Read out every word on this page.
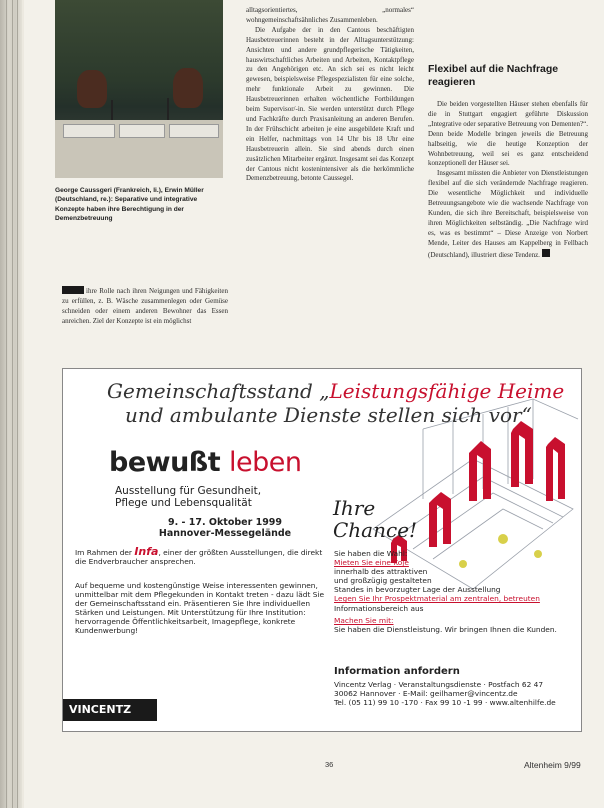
George Caussgeri (Frankreich, li.), Erwin Müller (Deutschland, re.): Separative und integrative Konzepte haben ihre Berechtigung in der Demenzbetreuung

ihre Rolle nach ihren Neigungen und Fähigkeiten zu erfüllen, z. B. Wäsche zusammenlegen oder Gemüse schneiden oder einem anderen Bewohner das Essen anreichen. Ziel der Konzepte ist ein möglichst

alltagsorientiertes, „normales“ wohngemeinschaftsähnliches Zusammenleben.

Die Aufgabe der in den Cantous beschäftigten Hausbetreuerinnen besteht in der Alltagsunterstützung: Ansichten und andere grundpflegerische Tätigkeiten, hauswirtschaftliches Arbeiten und Arbeiten, Kontaktpflege zu den Angehörigen etc. An sich sei es nicht leicht gewesen, beispielsweise Pflegespezialisten für eine solche, mehr funktionale Arbeit zu gewinnen. Die Hausbetreuerinnen erhalten wöchentliche Fortbildungen beim Supervisor/-in. Sie werden unterstützt durch Pflege und Fachkräfte durch Praxisanleitung an anderen Berufen. In der Frühschicht arbeiten je eine ausgebildete Kraft und ein Helfer, nachmittags von 14 Uhr bis 18 Uhr eine Hausbetreuerin allein. Sie sind abends durch einen zusätzlichen Mitarbeiter ergänzt. Insgesamt sei das Konzept der Cantous nicht kostenintensiver als die herkömmliche Demenzbetreuung, betonte Caussegel.

Flexibel auf die Nachfrage reagieren

Die beiden vorgestellten Häuser stehen ebenfalls für die in Stuttgart engagiert geführte Diskussion „Integrative oder separative Betreuung von Dementen?“. Denn beide Modelle bringen jeweils die Betreuung halbseitig, wie die heutige Konzeption der Wohnbetreuung, weil sei es ganz entscheidend konzeptionell der Häuser sei.

Insgesamt müssten die Anbieter von Dienstleistungen flexibel auf die sich verändernde Nachfrage reagieren. Die wesentliche Möglichkeit und individuelle Betreuungsangebote wie die wachsende Nachfrage von Kunden, die sich ihre Bereitschaft, beispielsweise von ihren Möglichkeiten selbständig. „Die Nachfrage wird es, was es bestimmt“ – Diese Anzeige von Norbert Mende, Leiter des Hauses am Kappelberg in Fellbach (Deutschland), illustriert diese Tendenz.

Gemeinschaftsstand „Leistungsfähige Heime
und ambulante Dienste stellen sich vor“
bewußt leben
Ausstellung für Gesundheit,
Pflege und Lebensqualität
9. - 17. Oktober 1999
Hannover-Messegelände
Im Rahmen der Infa, einer der größten Ausstellungen, die direkt die Endverbraucher ansprechen.
Auf bequeme und kostengünstige Weise interessenten gewinnen, unmittelbar mit dem Pflegekunden in Kontakt treten - dazu lädt Sie der Gemeinschaftsstand ein. Präsentieren Sie Ihre individuellen Stärken und Leistungen. Mit Unterstützung für Ihre Institution: hervorragende Öffentlichkeitsarbeit, Imagepflege, konkrete Kundenwerbung!
Ihre
Chance!
Sie haben die Wahl:
Mieten Sie eine Koje
innerhalb des attraktiven
und großzügig gestalteten
Standes in bevorzugter Lage der Ausstellung
Legen Sie Ihr Prospektmaterial am zentralen, betreuten
Informationsbereich aus
Machen Sie mit:
Sie haben die Dienstleistung. Wir bringen Ihnen die Kunden.
Information anfordern
Vincentz Verlag · Veranstaltungsdienste · Postfach 62 47
30062 Hannover · E-Mail: geilhamer@vincentz.de
Tel. (05 11) 99 10 -170 · Fax 99 10 -1 99 · www.altenhilfe.de
VINCENTZ
36	Altenheim 9/99
